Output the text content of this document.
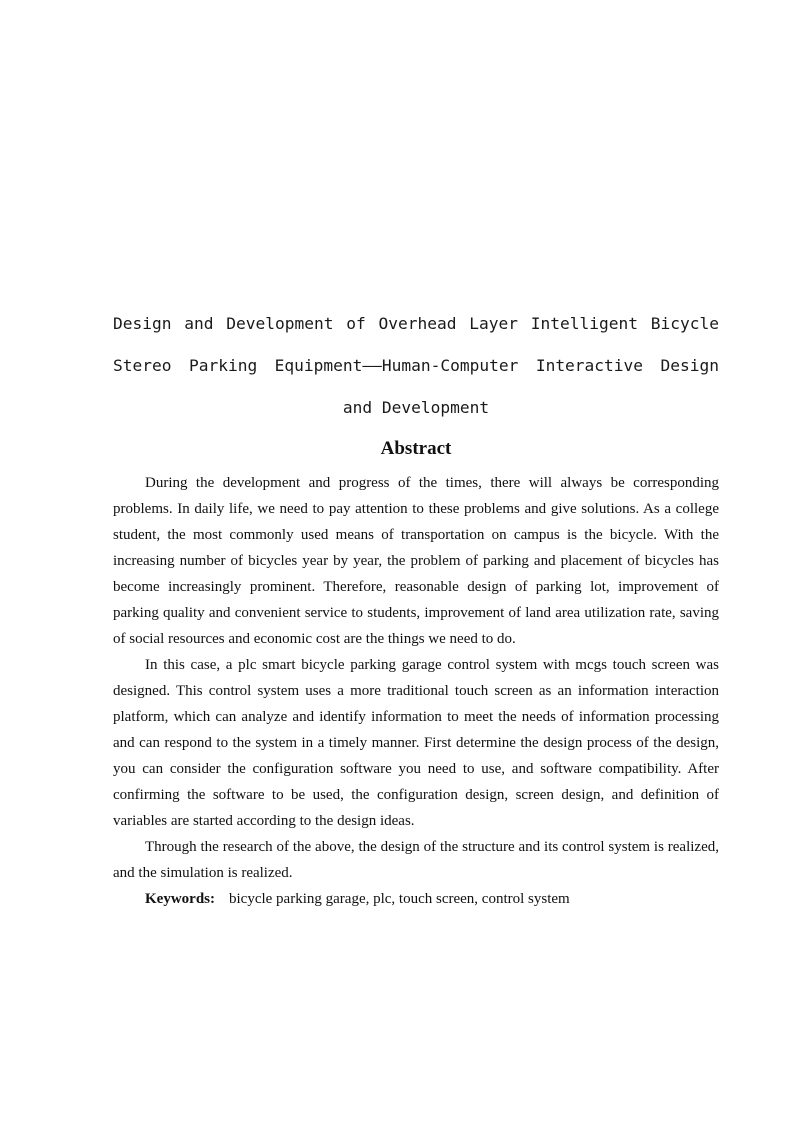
Design and Development of Overhead Layer Intelligent Bicycle
Stereo Parking Equipment——Human-Computer Interactive Design
and Development
Abstract

During the development and progress of the times, there will always be corresponding problems. In daily life, we need to pay attention to these problems and give solutions. As a college student, the most commonly used means of transportation on campus is the bicycle. With the increasing number of bicycles year by year, the problem of parking and placement of bicycles has become increasingly prominent. Therefore, reasonable design of parking lot, improvement of parking quality and convenient service to students, improvement of land area utilization rate, saving of social resources and economic cost are the things we need to do.

In this case, a plc smart bicycle parking garage control system with mcgs touch screen was designed. This control system uses a more traditional touch screen as an information interaction platform, which can analyze and identify information to meet the needs of information processing and can respond to the system in a timely manner. First determine the design process of the design, you can consider the configuration software you need to use, and software compatibility. After confirming the software to be used, the configuration design, screen design, and definition of variables are started according to the design ideas.

Through the research of the above, the design of the structure and its control system is realized, and the simulation is realized.

Keywords: bicycle parking garage, plc, touch screen, control system
